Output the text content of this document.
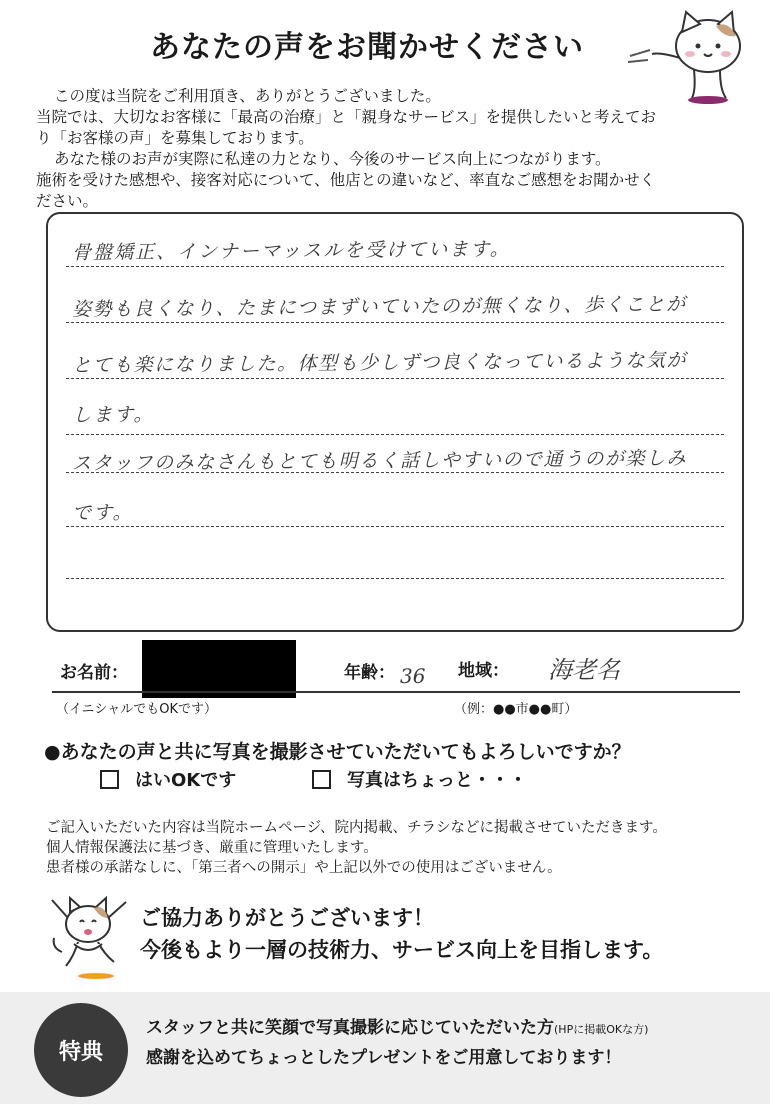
あなたの声をお聞かせください
この度は当院をご利用頂き、ありがとうございました。
当院では、大切なお客様に「最高の治療」と「親身なサービス」を提供したいと考えてお
り「お客様の声」を募集しております。
あなた様のお声が実際に私達の力となり、今後のサービス向上につながります。
施術を受けた感想や、接客対応について、他店との違いなど、率直なご感想をお聞かせく
ださい。
骨盤矯正、インナーマッスルを受けています。
姿勢も良くなり、たまにつまずいていたのが無くなり、歩くことが
とても楽になりました。体型も少しずつ良くなっているような気が
します。
スタッフのみなさんもとても明るく話しやすいので通うのが楽しみ
です。
お名前：	年齢： 36 地域： 海老名
（イニシャルでもOKです）	（例：●●市●●町）
●あなたの声と共に写真を撮影させていただいてもよろしいですか？
はいOKです	写真はちょっと・・・
ご記入いただいた内容は当院ホームページ、院内掲載、チラシなどに掲載させていただきます。
個人情報保護法に基づき、厳重に管理いたします。
患者様の承諾なしに、「第三者への開示」や上記以外での使用はございません。
ご協力ありがとうございます！
今後もより一層の技術力、サービス向上を目指します。
特典
スタッフと共に笑顔で写真撮影に応じていただいた方(HPに掲載OKな方)
感謝を込めてちょっとしたプレゼントをご用意しております！
